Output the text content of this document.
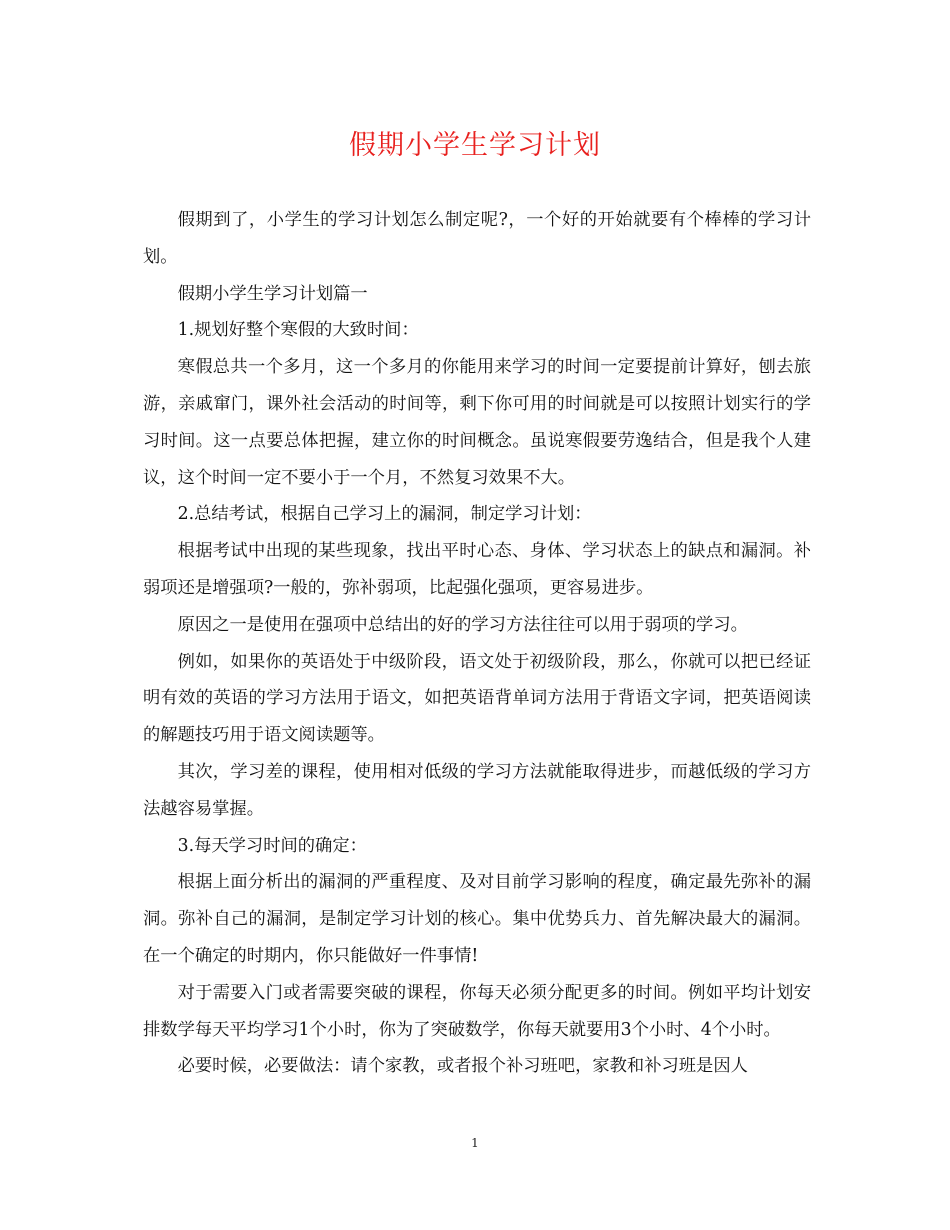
假期小学生学习计划

假期到了，小学生的学习计划怎么制定呢?，一个好的开始就要有个棒棒的学习计划。

假期小学生学习计划篇一

1.规划好整个寒假的大致时间：

寒假总共一个多月，这一个多月的你能用来学习的时间一定要提前计算好，刨去旅游，亲戚窜门，课外社会活动的时间等，剩下你可用的时间就是可以按照计划实行的学习时间。这一点要总体把握，建立你的时间概念。虽说寒假要劳逸结合，但是我个人建议，这个时间一定不要小于一个月，不然复习效果不大。

2.总结考试，根据自己学习上的漏洞，制定学习计划：

根据考试中出现的某些现象，找出平时心态、身体、学习状态上的缺点和漏洞。补弱项还是增强项?一般的，弥补弱项，比起强化强项，更容易进步。

原因之一是使用在强项中总结出的好的学习方法往往可以用于弱项的学习。

例如，如果你的英语处于中级阶段，语文处于初级阶段，那么，你就可以把已经证明有效的英语的学习方法用于语文，如把英语背单词方法用于背语文字词，把英语阅读的解题技巧用于语文阅读题等。

其次，学习差的课程，使用相对低级的学习方法就能取得进步，而越低级的学习方法越容易掌握。

3.每天学习时间的确定：

根据上面分析出的漏洞的严重程度、及对目前学习影响的程度，确定最先弥补的漏洞。弥补自己的漏洞，是制定学习计划的核心。集中优势兵力、首先解决最大的漏洞。在一个确定的时期内，你只能做好一件事情!

对于需要入门或者需要突破的课程，你每天必须分配更多的时间。例如平均计划安排数学每天平均学习1个小时，你为了突破数学，你每天就要用3个小时、4个小时。

必要时候，必要做法：请个家教，或者报个补习班吧，家教和补习班是因人

1
